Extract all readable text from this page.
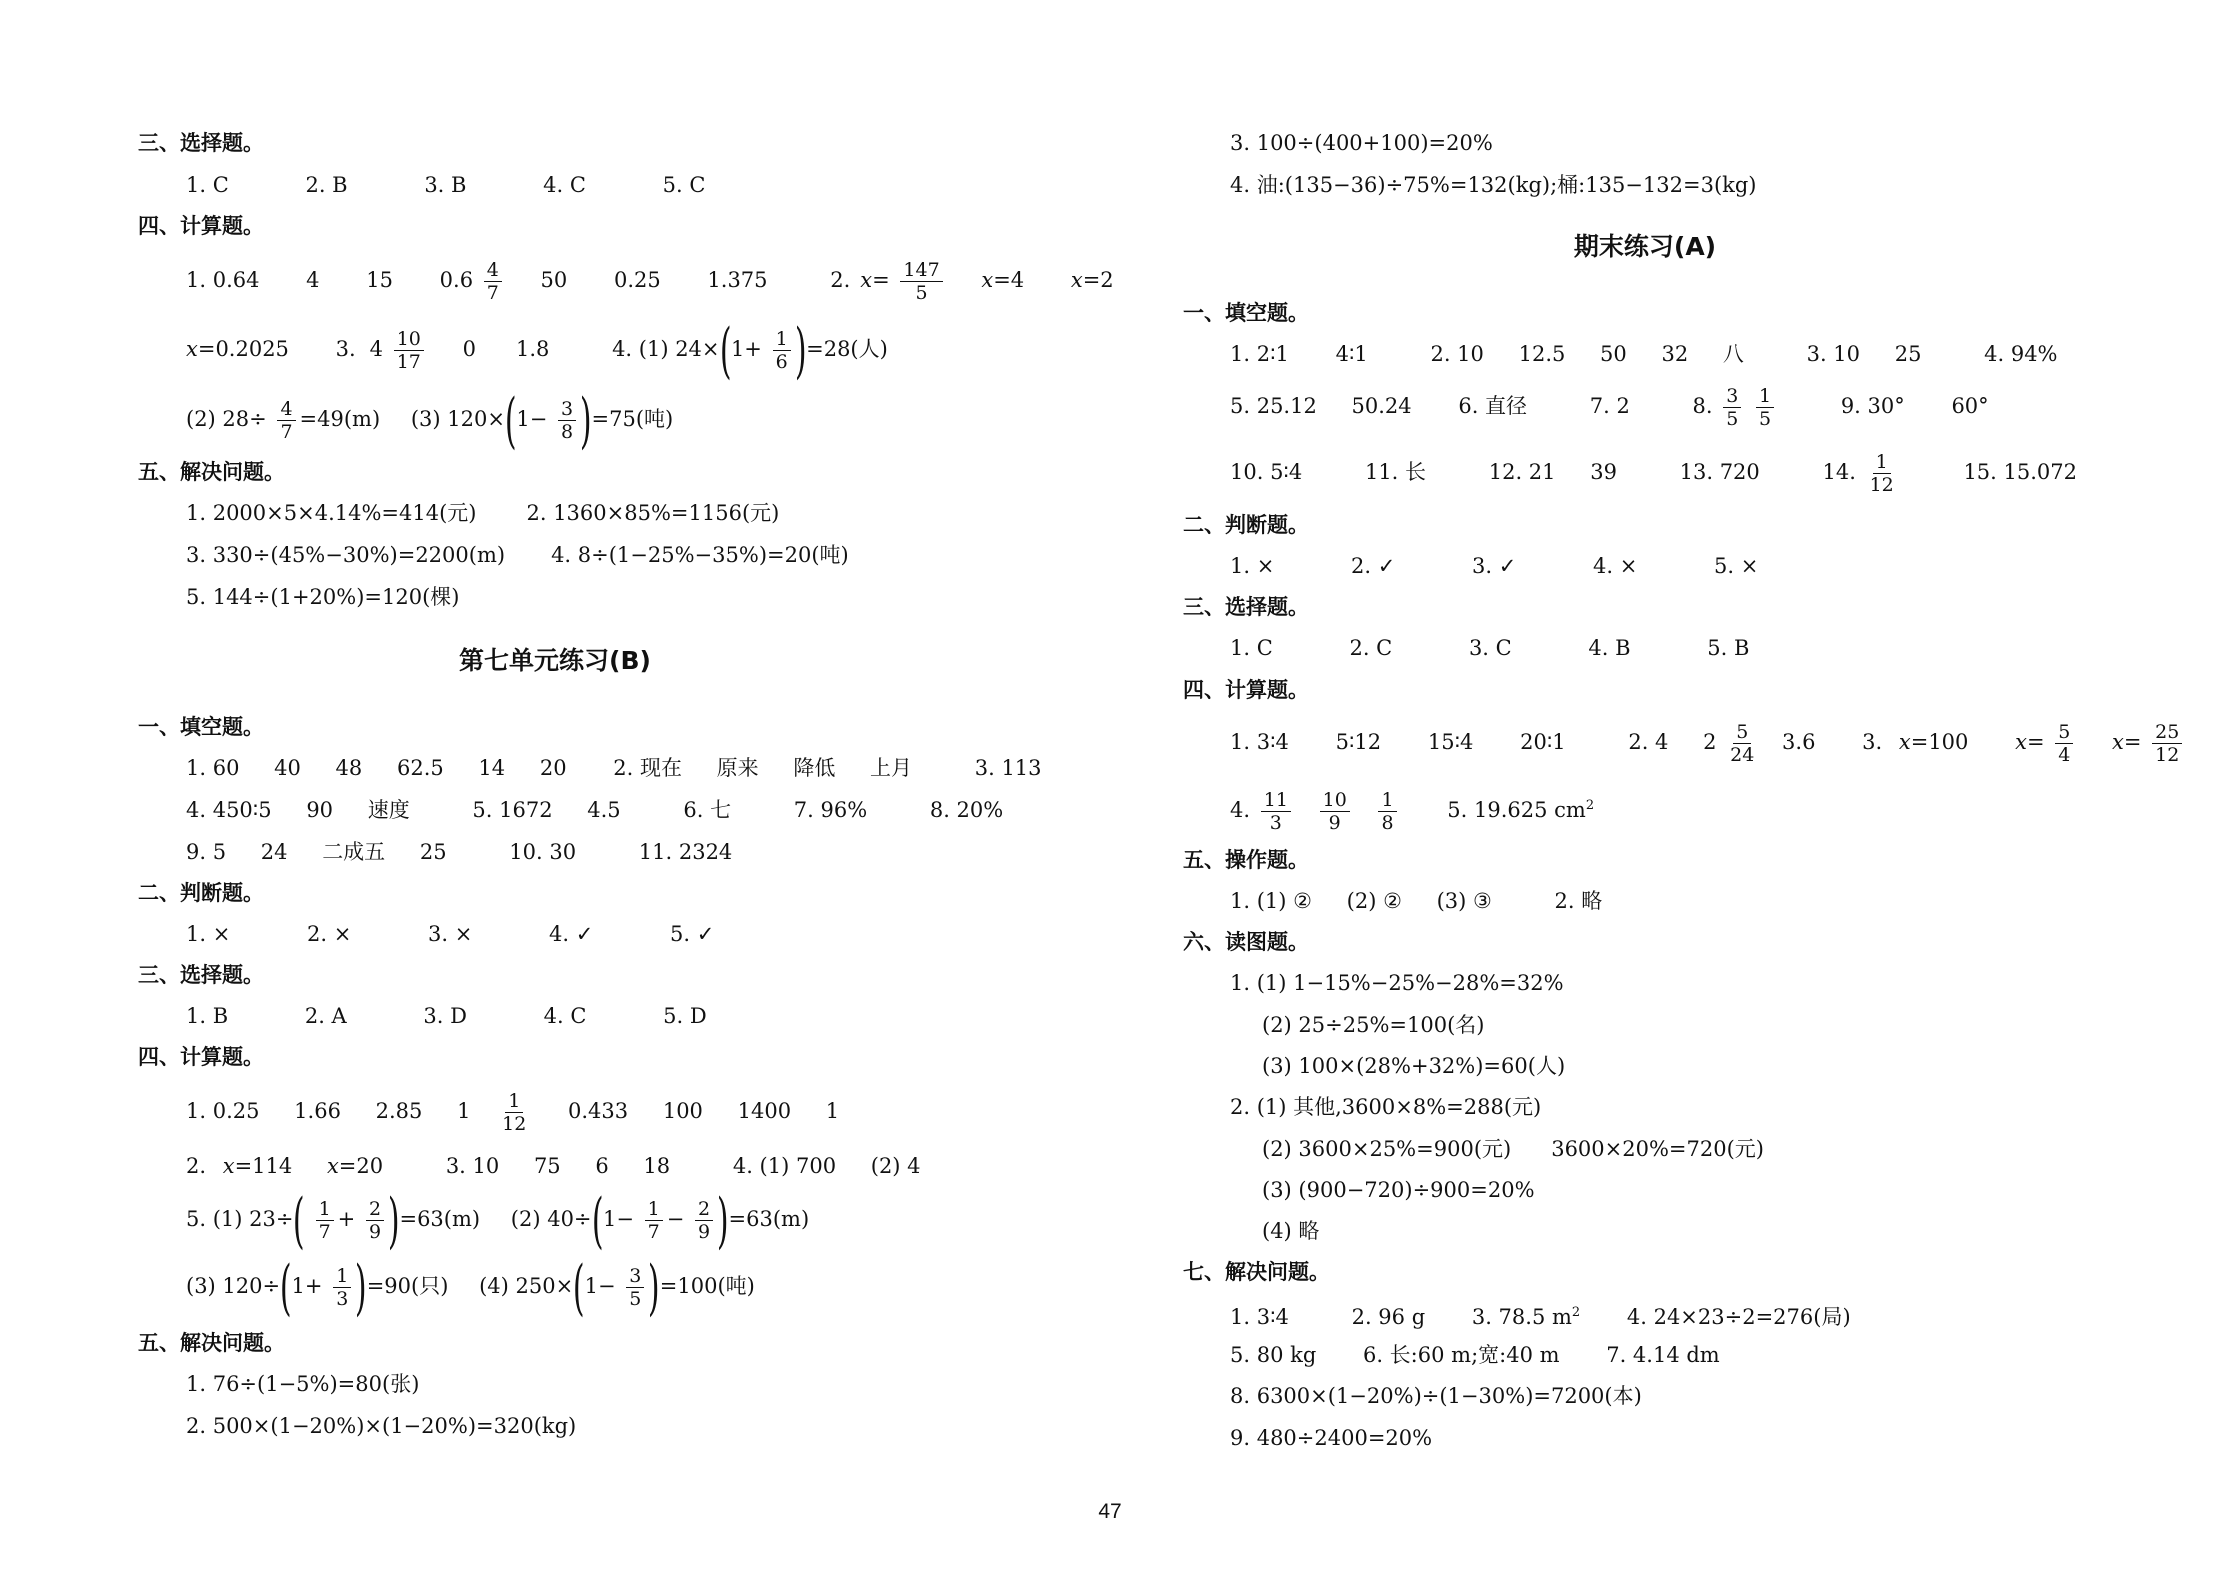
三、选择题。
1. C	2. B	3. B	4. C	5. C
四、计算题。
1. 0.64 4 15 $0.6 \frac{4}{7} 50$ 0.25 1.375	2. $x= \frac{147}{5} x=4$ x=2
x=0.2025 3. $4 \frac{10}{17} 0$ 1.8	4. (1) $24\times(1+ \frac{1}{6} )=28$(人)
(2) $28\div \frac{4}{7} =49(m)$ (3) $120\times(1- \frac{3}{8} )=75$(吨)
五、解决问题。
1. 2000×5×4.14%=414(元) 2. 1360×85%=1156(元)
3. 330÷(45%−30%)=2200(m) 4. 8÷(1−25%−35%)=20(吨)
5. 144÷(1+20%)=120(棵)
第七单元练习(B)
一、填空题。
1. 60 40 48 62.5 14 20 2. 现在 原来 降低 上月	3. 113
4. 450∶5 90 速度	5. 1672 4.5	6. 七	7. 96%	8. 20%
9. 5 24 二成五 25	10. 30	11. 2324
二、判断题。
1. ×	2. ×	3. ×	4. ✓	5. ✓
三、选择题。
1. B	2. A	3. D	4. C	5. D
四、计算题。
1. 0.25 1.66 2.85 $1 \frac{1}{12} 0.433$ 100 1400 1
2. x=114 x=20	3. 10 75 6 18	4. (1) 700 (2) 4
5. (1) $23\div( \frac{1}{7} + \frac{2}{9} )=63(m)$ (2) $40\div(1- \frac{1}{7} - \frac{2}{9} )=63(m)$
(3) $120\div(1+ \frac{1}{3} )=90$(只) (4) $250\times(1- \frac{3}{5} )=100$(吨)
五、解决问题。
1. 76÷(1−5%)=80(张)
2. 500×(1−20%)×(1−20%)=320(kg)
3. 100÷(400+100)=20%
4. 油:(135−36)÷75%=132(kg);桶:135−132=3(kg)
期末练习(A)
一、填空题。
1. 2∶1 4∶1	2. 10 12.5 50 32 八	3. 10 25	4. 94%
5. 25.12 50.24 6. 直径	7. 2	8. $\frac{3}{5}$
$\frac{1}{5}$	9. 30° 60°
10. 5∶4	11. 长	12. 21 39	13. 720	14. $\frac{1}{12}$	15. 15.072
二、判断题。
1. ×	2. ✓	3. ✓	4. ×	5. ×
三、选择题。
1. C	2. C	3. C	4. B	5. B
四、计算题。
1. 3∶4 5∶12 15∶4 20∶1	2. 4 $2 \frac{5}{24} 3.6$ 3. x=100 $x= \frac{5}{4} x= \frac{25}{12}$
4. $\frac{11}{3}$
$\frac{10}{9}$
$\frac{1}{8} 5$. 19.625 $cm^2$
五、操作题。
1. (1) ② (2) ② (3) ③	2. 略
六、读图题。
1. (1) 1−15%−25%−28%=32%
(2) 25÷25%=100(名)
(3) 100×(28%+32%)=60(人)
2. (1) 其他,3600×8%=288(元)
(2) 3600×25%=900(元) 3600×20%=720(元)
(3) (900−720)÷900=20%
(4) 略
七、解决问题。
1. 3∶4	2. 96 g 3. 78.5 $m^2$ 4. 24×23÷2=276(局)
5. 80 kg 6. 长:60 m;宽:40 m 7. 4.14 dm
8. 6300×(1−20%)÷(1−30%)=7200(本)
9. 480÷2400=20%
47
